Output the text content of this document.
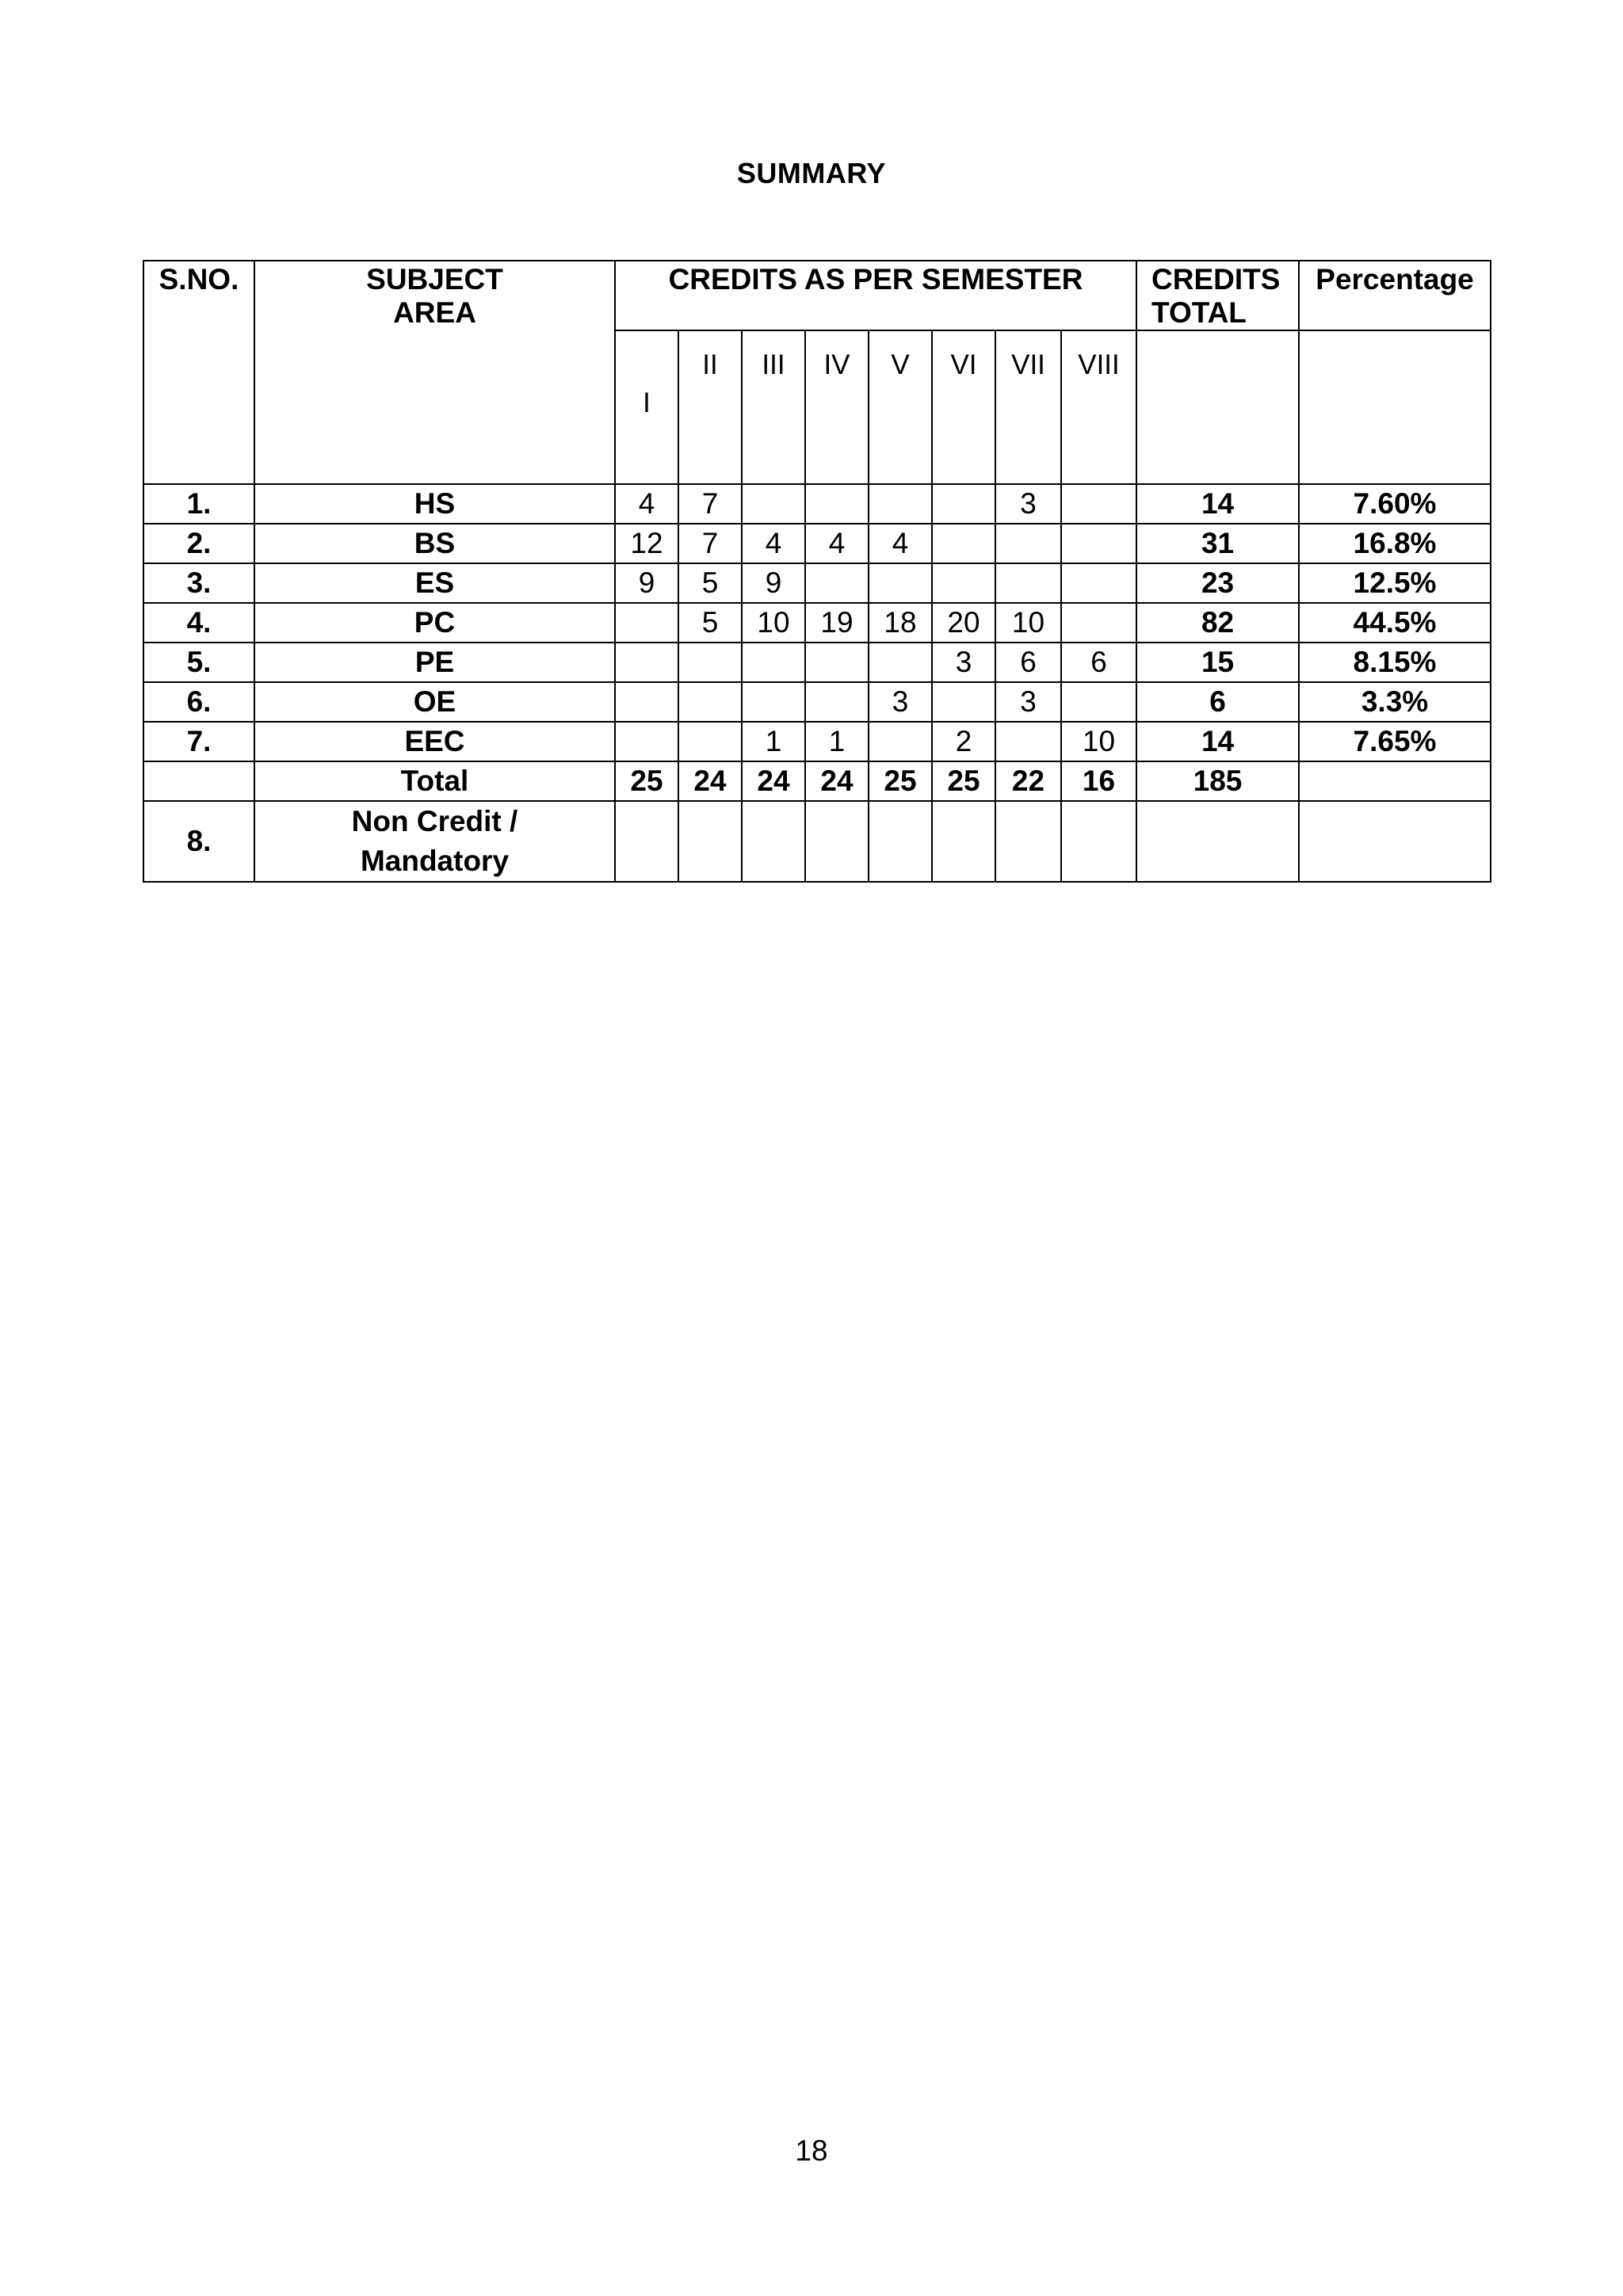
SUMMARY
S.NO.	SUBJECT AREA	CREDITS AS PER SEMESTER								CREDITS TOTAL	Percentage
		I	II	III	IV	V	VI	VII	VIII		
1.	HS	4	7					3		14	7.60%
2.	BS	12	7	4	4	4				31	16.8%
3.	ES	9	5	9						23	12.5%
4.	PC		5	10	19	18	20	10		82	44.5%
5.	PE						3	6	6	15	8.15%
6.	OE					3		3		6	3.3%
7.	EEC			1	1		2		10	14	7.65%
	Total	25	24	24	24	25	25	22	16	185	
8.	Non Credit /
Mandatory										

18
